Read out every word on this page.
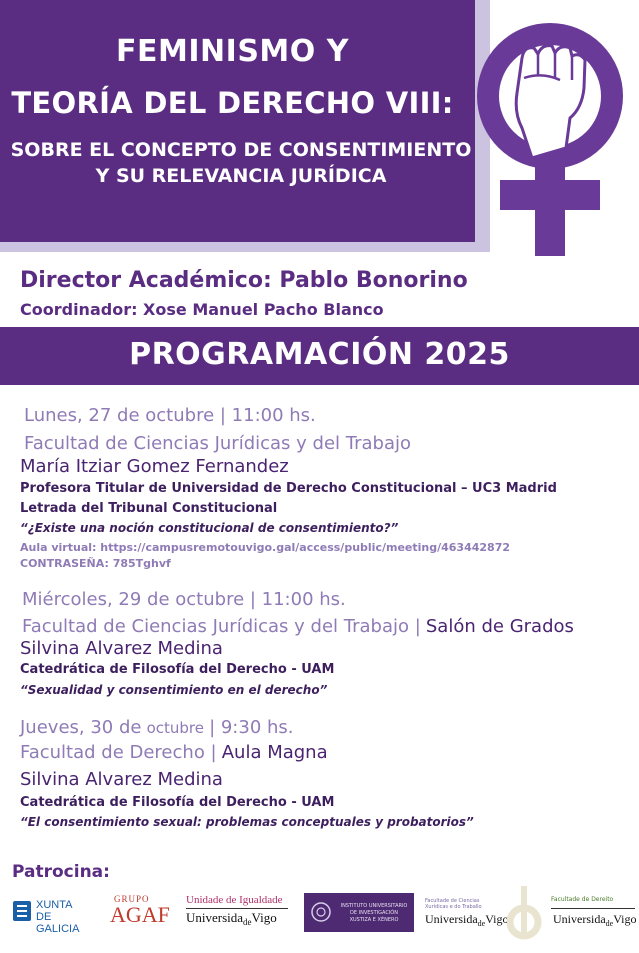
FEMINISMO Y
TEORÍA DEL DERECHO VIII:
SOBRE EL CONCEPTO DE CONSENTIMIENTO
Y SU RELEVANCIA JURÍDICA
Director Académico: Pablo Bonorino
Coordinador: Xose Manuel Pacho Blanco
PROGRAMACIÓN 2025
Lunes, 27 de octubre | 11:00 hs.
Facultad de Ciencias Jurídicas y del Trabajo
María Itziar Gomez Fernandez
Profesora Titular de Universidad de Derecho Constitucional – UC3 Madrid
Letrada del Tribunal Constitucional
“¿Existe una noción constitucional de consentimiento?”
Aula virtual: https://campusremotouvigo.gal/access/public/meeting/463442872
CONTRASEÑA: 785Tghvf
Miércoles, 29 de octubre | 11:00 hs.
Facultad de Ciencias Jurídicas y del Trabajo | Salón de Grados
Silvina Alvarez Medina
Catedrática de Filosofía del Derecho - UAM
“Sexualidad y consentimiento en el derecho”
Jueves, 30 de octubre | 9:30 hs.
Facultad de Derecho | Aula Magna
Silvina Alvarez Medina
Catedrática de Filosofía del Derecho - UAM
“El consentimiento sexual: problemas conceptuales y probatorios”
Patrocina:
XUNTA
DE GALICIA
GRUPO
AGAF
Unidade de Igualdade
Universida$_{de}$Vigo
INSTITUTO UNIVERSITARIO
DE INVESTIGACIÓN
XUSTIZA E XÉNERO
Facultade de Ciencias
Xurídicas e do Traballo
Universida$_{de}$Vigo
Facultade de Dereito
Universida$_{de}$Vigo
